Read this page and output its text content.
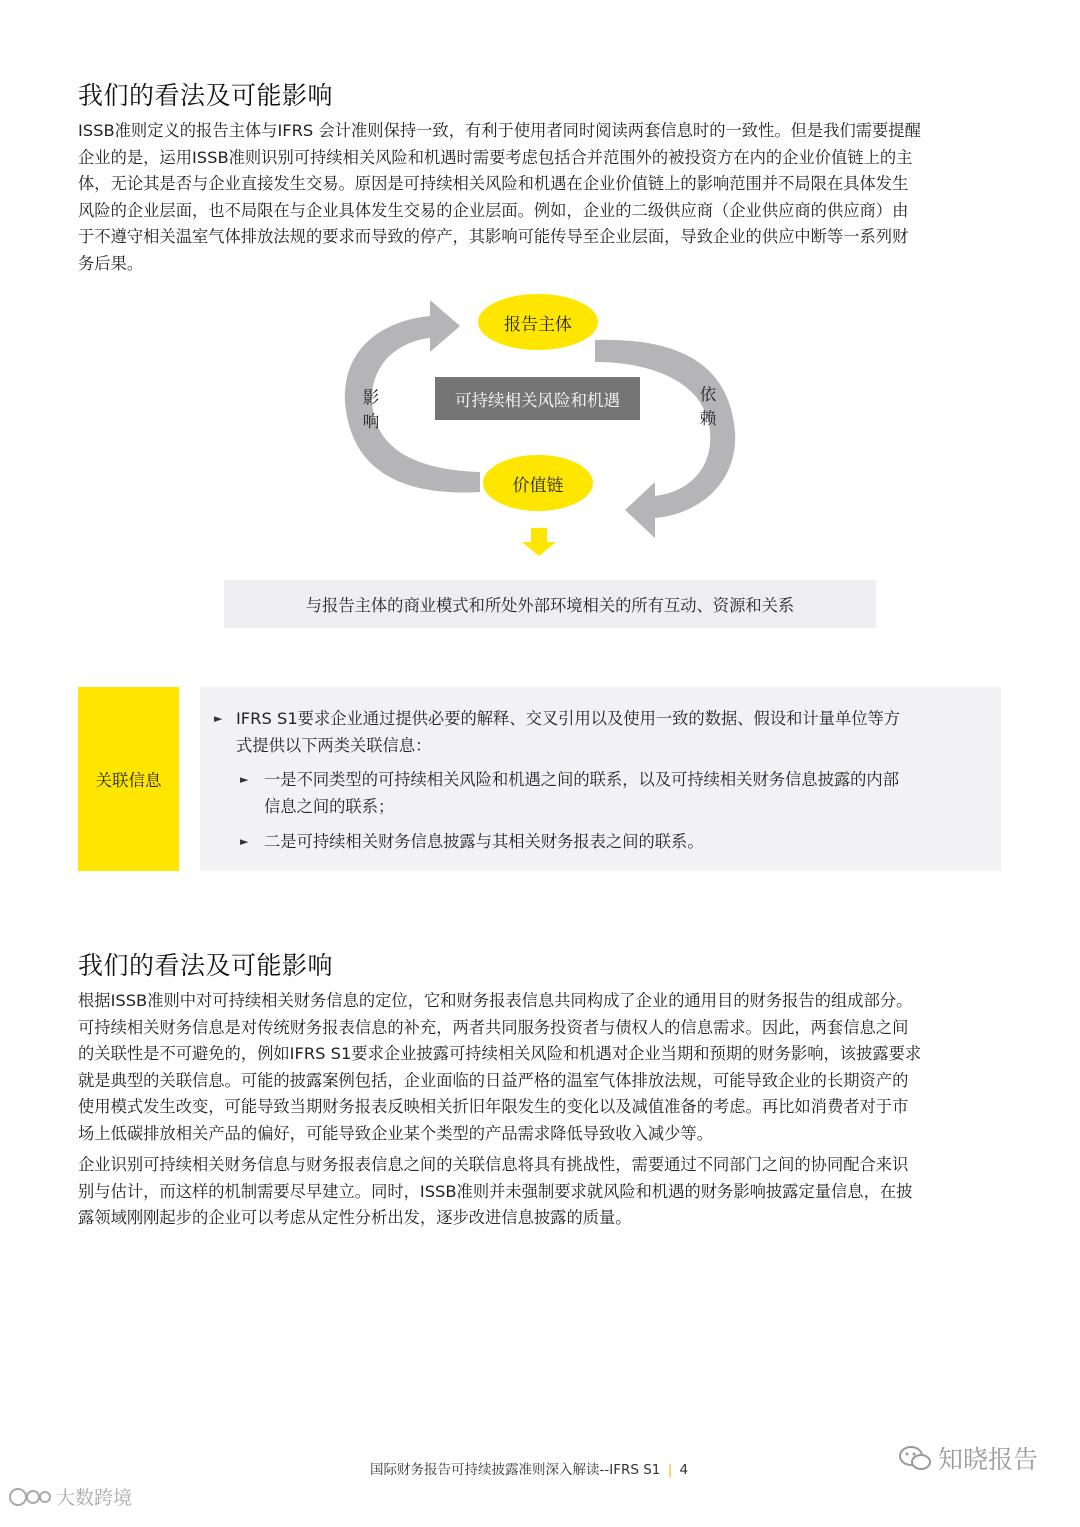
我们的看法及可能影响
ISSB准则定义的报告主体与IFRS 会计准则保持一致，有利于使用者同时阅读两套信息时的一致性。但是我们需要提醒
企业的是，运用ISSB准则识别可持续相关风险和机遇时需要考虑包括合并范围外的被投资方在内的企业价值链上的主
体，无论其是否与企业直接发生交易。原因是可持续相关风险和机遇在企业价值链上的影响范围并不局限在具体发生
风险的企业层面，也不局限在与企业具体发生交易的企业层面。例如，企业的二级供应商（企业供应商的供应商）由
于不遵守相关温室气体排放法规的要求而导致的停产，其影响可能传导至企业层面，导致企业的供应中断等一系列财
务后果。
报告主体
可持续相关风险和机遇
价值链
影
响
依
赖
与报告主体的商业模式和所处外部环境相关的所有互动、资源和关系
关联信息
► IFRS S1要求企业通过提供必要的解释、交叉引用以及使用一致的数据、假设和计量单位等方
式提供以下两类关联信息：
► 一是不同类型的可持续相关风险和机遇之间的联系，以及可持续相关财务信息披露的内部
信息之间的联系；
► 二是可持续相关财务信息披露与其相关财务报表之间的联系。
我们的看法及可能影响
根据ISSB准则中对可持续相关财务信息的定位，它和财务报表信息共同构成了企业的通用目的财务报告的组成部分。
可持续相关财务信息是对传统财务报表信息的补充，两者共同服务投资者与债权人的信息需求。因此，两套信息之间
的关联性是不可避免的，例如IFRS S1要求企业披露可持续相关风险和机遇对企业当期和预期的财务影响，该披露要求
就是典型的关联信息。可能的披露案例包括，企业面临的日益严格的温室气体排放法规，可能导致企业的长期资产的
使用模式发生改变，可能导致当期财务报表反映相关折旧年限发生的变化以及减值准备的考虑。再比如消费者对于市
场上低碳排放相关产品的偏好，可能导致企业某个类型的产品需求降低导致收入减少等。
企业识别可持续相关财务信息与财务报表信息之间的关联信息将具有挑战性，需要通过不同部门之间的协同配合来识
别与估计，而这样的机制需要尽早建立。同时，ISSB准则并未强制要求就风险和机遇的财务影响披露定量信息，在披
露领域刚刚起步的企业可以考虑从定性分析出发，逐步改进信息披露的质量。
国际财务报告可持续披露准则深入解读--IFRS S1 | 4	知晓报告
大数跨境
